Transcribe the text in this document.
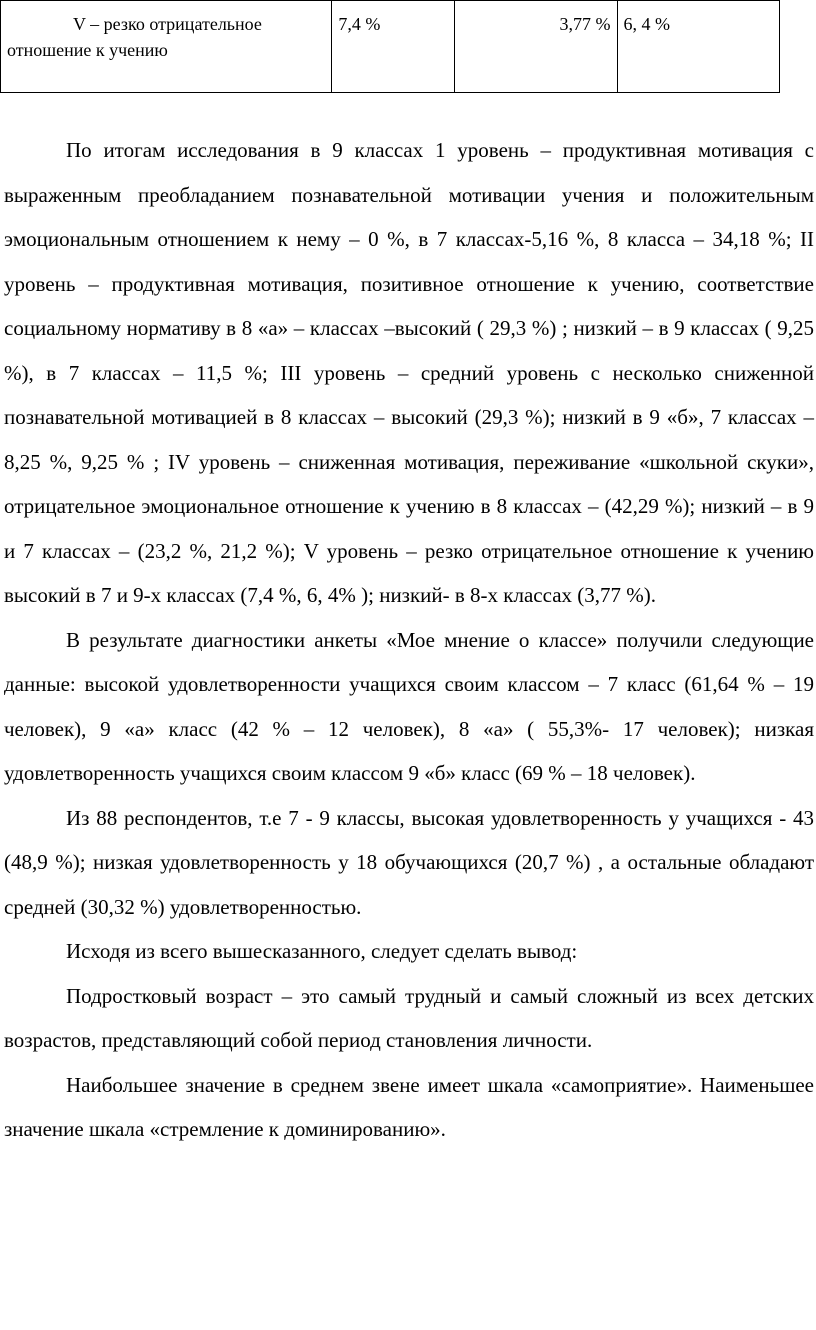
V – резко отрицательное
отношение к учению	7,4 %	3,77 %	6, 4 %

По итогам исследования в 9 классах 1 уровень – продуктивная мотивация с выраженным преобладанием познавательной мотивации учения и положительным эмоциональным отношением к нему – 0 %, в 7 классах-5,16 %, 8 класса – 34,18 %; II уровень – продуктивная мотивация, позитивное отношение к учению, соответствие социальному нормативу в 8 «а» – классах –высокий ( 29,3 %) ; низкий – в 9 классах ( 9,25 %), в 7 классах – 11,5 %; III уровень – средний уровень с несколько сниженной познавательной мотивацией в 8 классах – высокий (29,3 %); низкий в 9 «б», 7 классах – 8,25 %, 9,25 % ; IV уровень – сниженная мотивация, переживание «школьной скуки», отрицательное эмоциональное отношение к учению в 8 классах – (42,29 %); низкий – в 9 и 7 классах – (23,2 %, 21,2 %); V уровень – резко отрицательное отношение к учению высокий в 7 и 9-х классах (7,4 %, 6, 4% ); низкий- в 8-х классах (3,77 %).

В результате диагностики анкеты «Мое мнение о классе» получили следующие данные: высокой удовлетворенности учащихся своим классом – 7 класс (61,64 % – 19 человек), 9 «а» класс (42 % – 12 человек), 8 «а» ( 55,3%- 17 человек); низкая удовлетворенность учащихся своим классом 9 «б» класс (69 % – 18 человек).

Из 88 респондентов, т.е 7 - 9 классы, высокая удовлетворенность у учащихся - 43 (48,9 %); низкая удовлетворенность у 18 обучающихся (20,7 %) , а остальные обладают средней (30,32 %) удовлетворенностью.

Исходя из всего вышесказанного, следует сделать вывод:

Подростковый возраст – это самый трудный и самый сложный из всех детских возрастов, представляющий собой период становления личности.

Наибольшее значение в среднем звене имеет шкала «самоприятие». Наименьшее значение шкала «стремление к доминированию».
